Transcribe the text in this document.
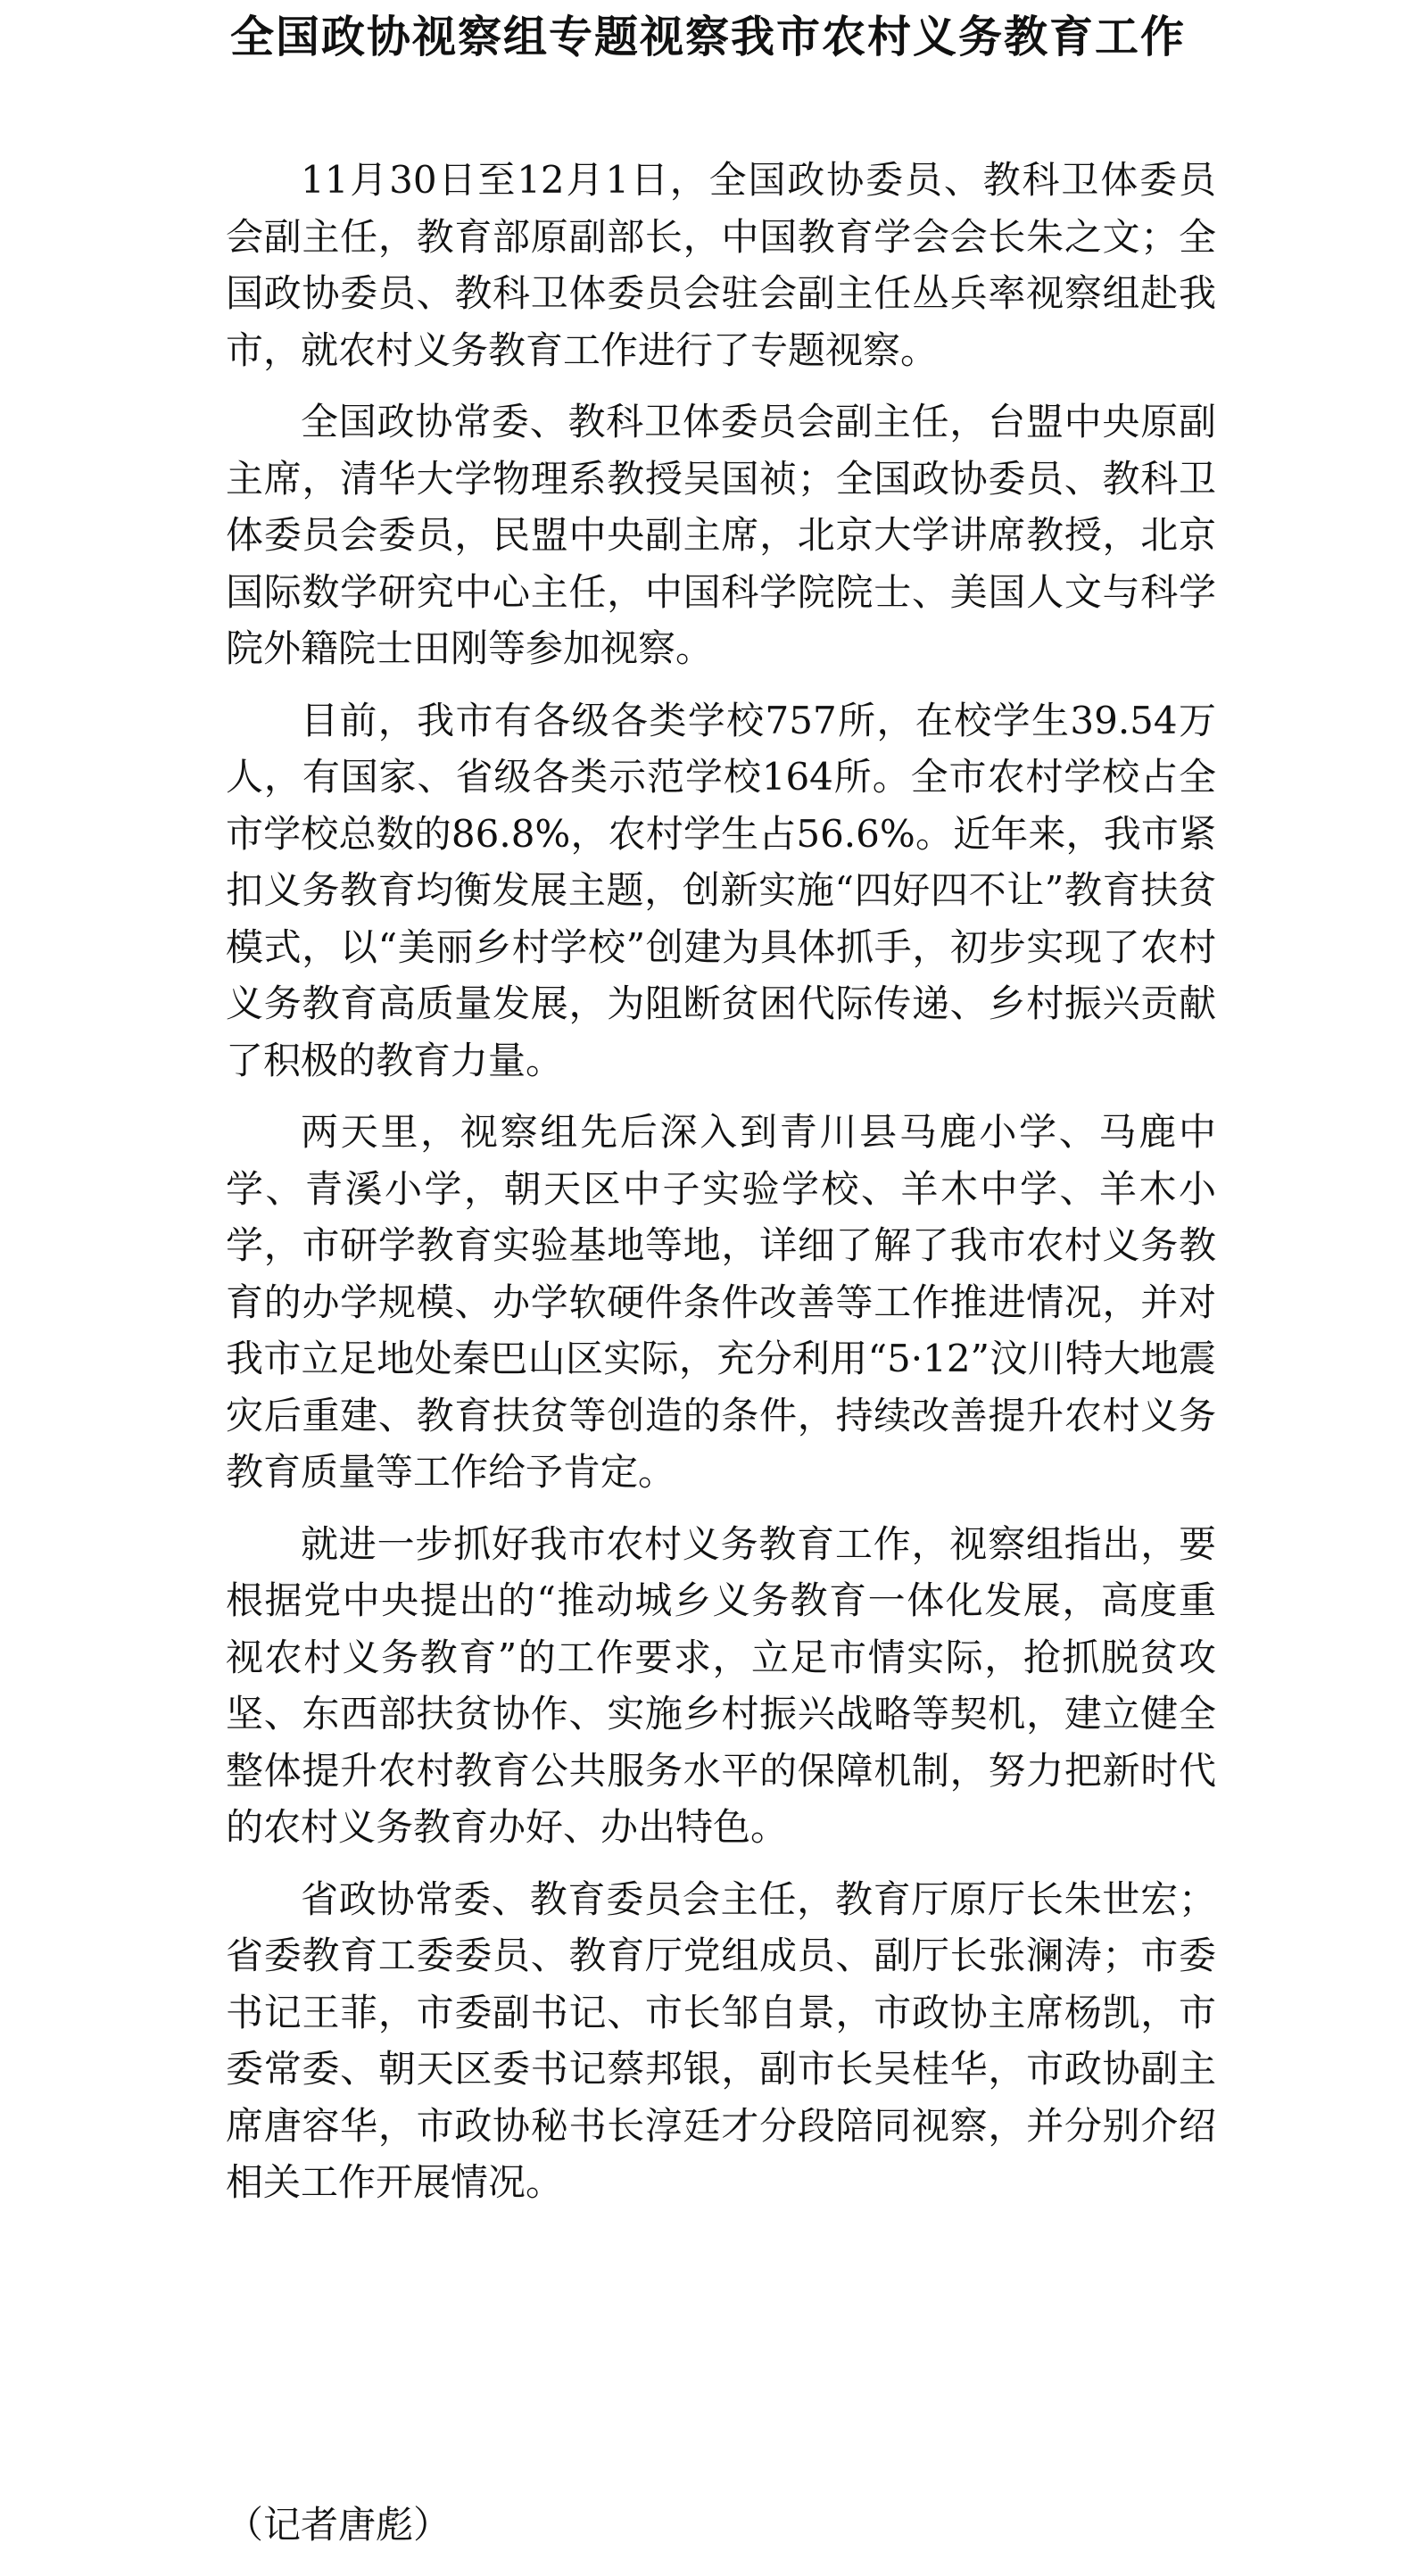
全国政协视察组专题视察我市农村义务教育工作

11月30日至12月1日，全国政协委员、教科卫体委员会副主任，教育部原副部长，中国教育学会会长朱之文；全国政协委员、教科卫体委员会驻会副主任丛兵率视察组赴我市，就农村义务教育工作进行了专题视察。

全国政协常委、教科卫体委员会副主任，台盟中央原副主席，清华大学物理系教授吴国祯；全国政协委员、教科卫体委员会委员，民盟中央副主席，北京大学讲席教授，北京国际数学研究中心主任，中国科学院院士、美国人文与科学院外籍院士田刚等参加视察。

目前，我市有各级各类学校757所，在校学生39.54万人，有国家、省级各类示范学校164所。全市农村学校占全市学校总数的86.8%，农村学生占56.6%。近年来，我市紧扣义务教育均衡发展主题，创新实施“四好四不让”教育扶贫模式，以“美丽乡村学校”创建为具体抓手，初步实现了农村义务教育高质量发展，为阻断贫困代际传递、乡村振兴贡献了积极的教育力量。

两天里，视察组先后深入到青川县马鹿小学、马鹿中学、青溪小学，朝天区中子实验学校、羊木中学、羊木小学，市研学教育实验基地等地，详细了解了我市农村义务教育的办学规模、办学软硬件条件改善等工作推进情况，并对我市立足地处秦巴山区实际，充分利用“5·12”汶川特大地震灾后重建、教育扶贫等创造的条件，持续改善提升农村义务教育质量等工作给予肯定。

就进一步抓好我市农村义务教育工作，视察组指出，要根据党中央提出的“推动城乡义务教育一体化发展，高度重视农村义务教育”的工作要求，立足市情实际，抢抓脱贫攻坚、东西部扶贫协作、实施乡村振兴战略等契机，建立健全整体提升农村教育公共服务水平的保障机制，努力把新时代的农村义务教育办好、办出特色。

省政协常委、教育委员会主任，教育厅原厅长朱世宏；省委教育工委委员、教育厅党组成员、副厅长张澜涛；市委书记王菲，市委副书记、市长邹自景，市政协主席杨凯，市委常委、朝天区委书记蔡邦银，副市长吴桂华，市政协副主席唐容华，市政协秘书长淳廷才分段陪同视察，并分别介绍相关工作开展情况。

（记者唐彪）
